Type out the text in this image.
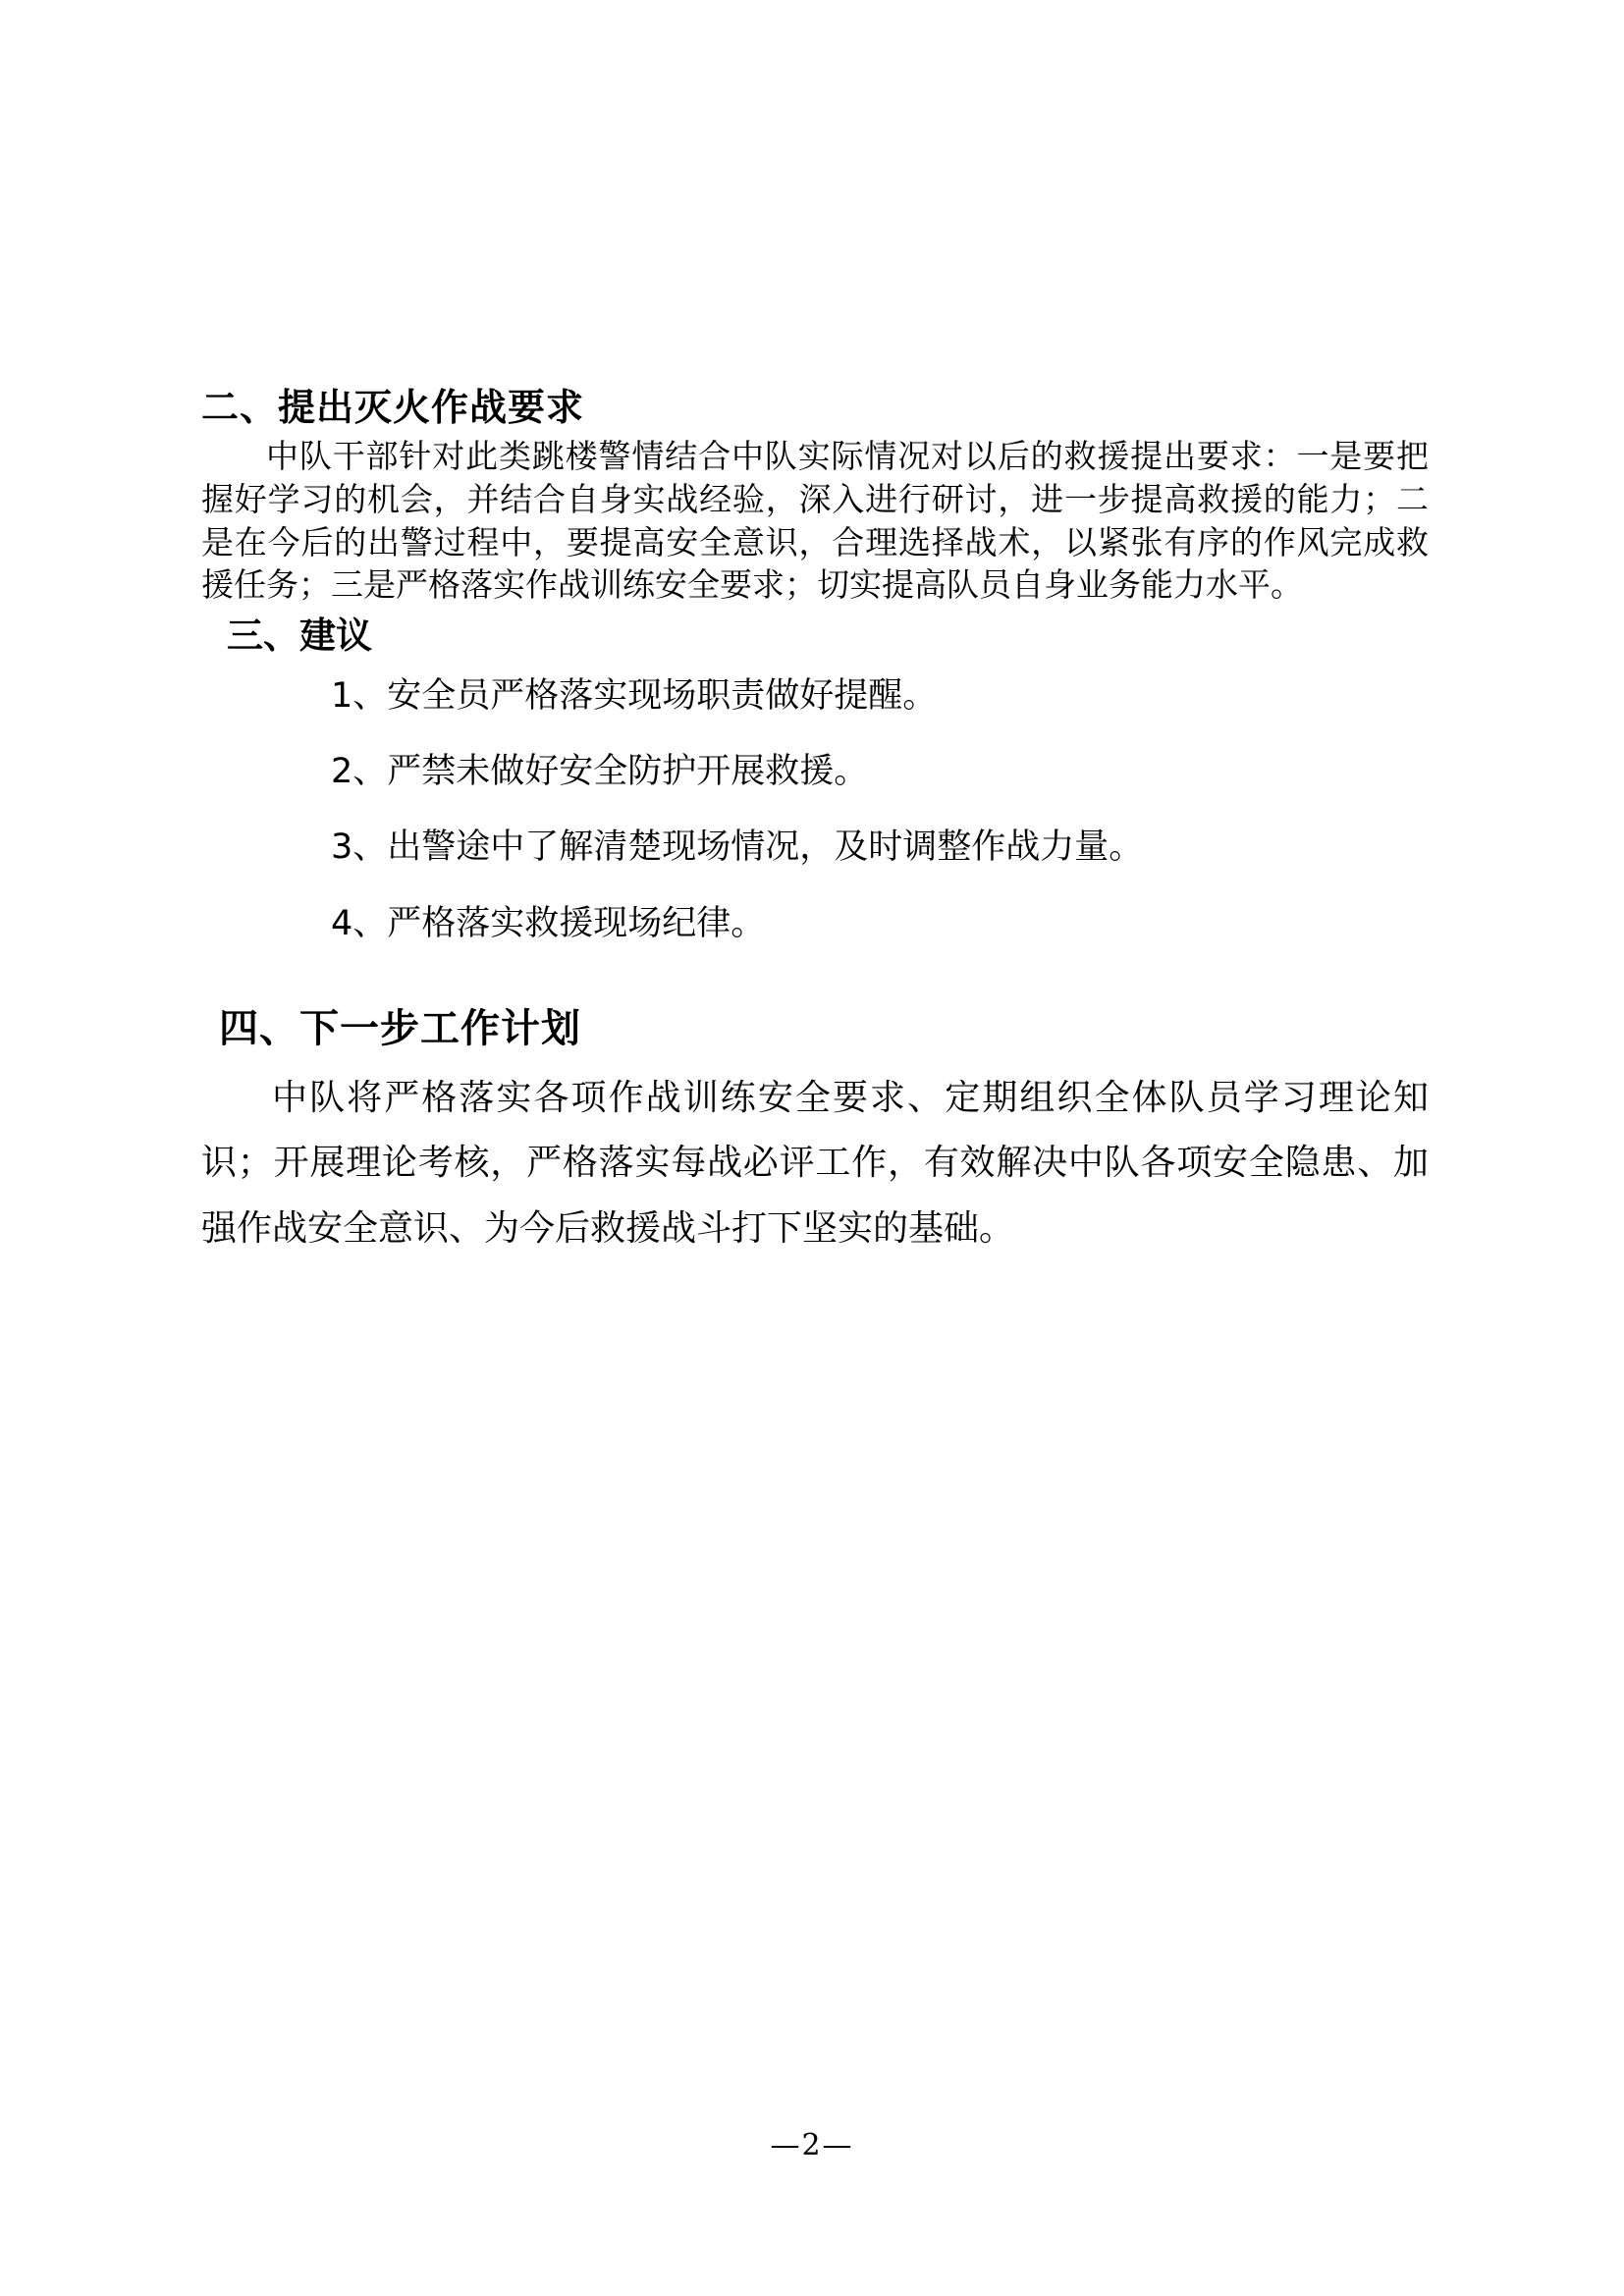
二、提出灭火作战要求

中队干部针对此类跳楼警情结合中队实际情况对以后的救援提出要求：一是要把握好学习的机会，并结合自身实战经验，深入进行研讨，进一步提高救援的能力；二是在今后的出警过程中，要提高安全意识，合理选择战术，以紧张有序的作风完成救援任务；三是严格落实作战训练安全要求；切实提高队员自身业务能力水平。

三、建议
1、安全员严格落实现场职责做好提醒。
2、严禁未做好安全防护开展救援。
3、出警途中了解清楚现场情况，及时调整作战力量。
4、严格落实救援现场纪律。
四、下一步工作计划

中队将严格落实各项作战训练安全要求、定期组织全体队员学习理论知识；开展理论考核，严格落实每战必评工作，有效解决中队各项安全隐患、加强作战安全意识、为今后救援战斗打下坚实的基础。

—2—
